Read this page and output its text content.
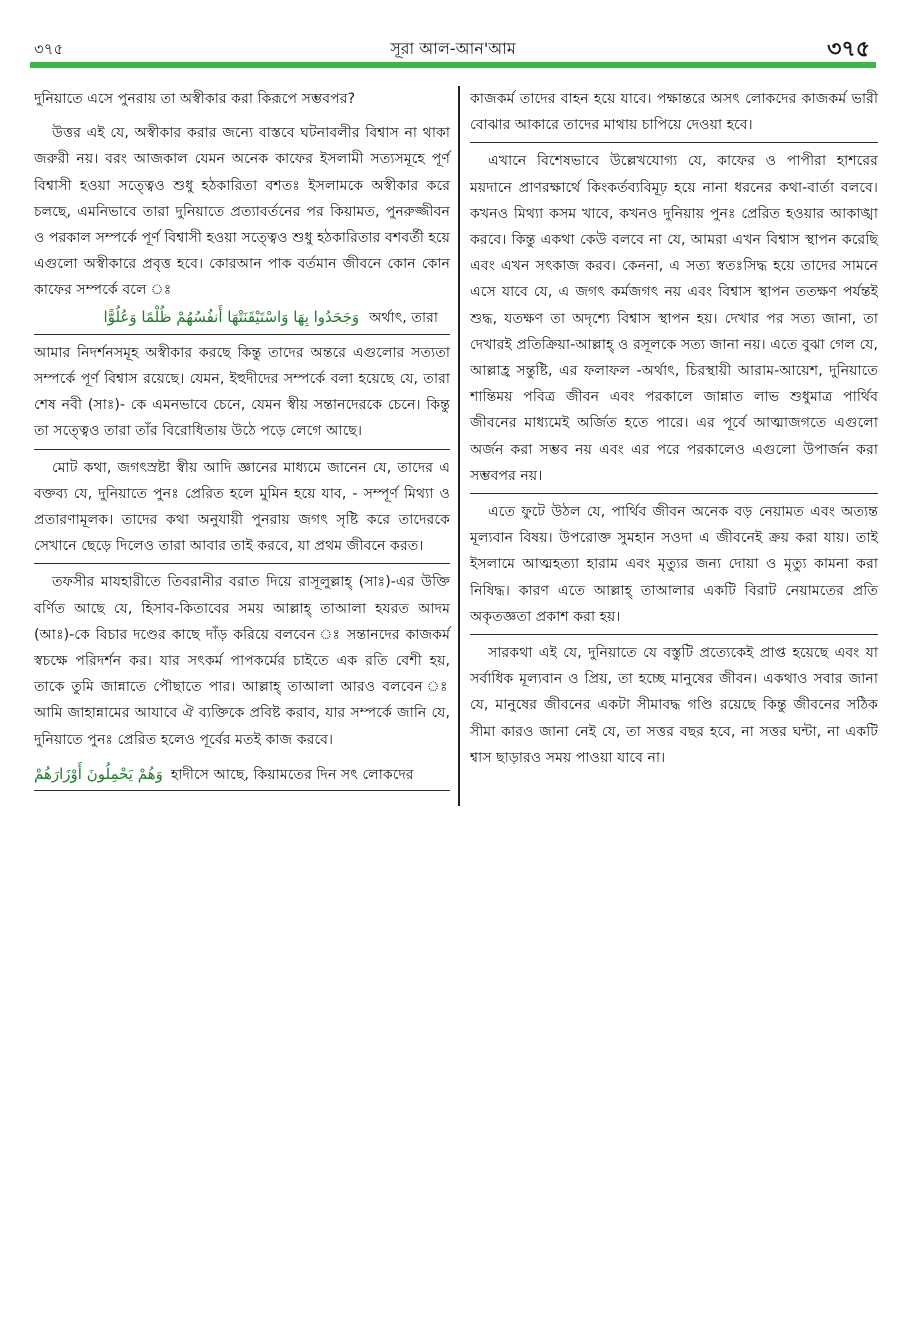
৩৭৫	সূরা আল-আন'আম	৩৭৫

দুনিয়াতে এসে পুনরায় তা অস্বীকার করা কিরূপে সম্ভবপর?

উত্তর এই যে, অস্বীকার করার জন্যে বাস্তবে ঘটনাবলীর বিশ্বাস না থাকা জরুরী নয়। বরং আজকাল যেমন অনেক কাফের ইসলামী সত্যসমূহে পূর্ণ বিশ্বাসী হওয়া সত্ত্বেও শুধু হঠকারিতা বশতঃ ইসলামকে অস্বীকার করে চলছে, এমনিভাবে তারা দুনিয়াতে প্রত্যাবর্তনের পর কিয়ামত, পুনরুজ্জীবন ও পরকাল সম্পর্কে পূর্ণ বিশ্বাসী হওয়া সত্ত্বেও শুধু হঠকারিতার বশবর্তী হয়ে এগুলো অস্বীকারে প্রবৃত্ত হবে। কোরআন পাক বর্তমান জীবনে কোন কোন কাফের সম্পর্কে বলে ঃ

وَجَحَدُوا بِهَا وَاسْتَيْقَنَتْهَا أَنفُسُهُمْ ظُلْمًا وَعُلُوًّا অর্থাৎ, তারা

আমার নিদর্শনসমূহ অস্বীকার করছে কিন্তু তাদের অন্তরে এগুলোর সত্যতা সম্পর্কে পূর্ণ বিশ্বাস রয়েছে। যেমন, ইহুদীদের সম্পর্কে বলা হয়েছে যে, তারা শেষ নবী (সাঃ)- কে এমনভাবে চেনে, যেমন স্বীয় সন্তানদেরকে চেনে। কিন্তু তা সত্ত্বেও তারা তাঁর বিরোধিতায় উঠে পড়ে লেগে আছে।

মোট কথা, জগৎস্রষ্টা স্বীয় আদি জ্ঞানের মাধ্যমে জানেন যে, তাদের এ বক্তব্য যে, দুনিয়াতে পুনঃ প্রেরিত হলে মুমিন হয়ে যাব, - সম্পূর্ণ মিথ্যা ও প্রতারণামূলক। তাদের কথা অনুযায়ী পুনরায় জগৎ সৃষ্টি করে তাদেরকে সেখানে ছেড়ে দিলেও তারা আবার তাই করবে, যা প্রথম জীবনে করত।

তফসীর মাযহারীতে তিবরানীর বরাত দিয়ে রাসূলুল্লাহ্ (সাঃ)-এর উক্তি বর্ণিত আছে যে, হিসাব-কিতাবের সময় আল্লাহ্ তাআলা হযরত আদম (আঃ)-কে বিচার দণ্ডের কাছে দাঁড় করিয়ে বলবেন ঃ সন্তানদের কাজকর্ম স্বচক্ষে পরিদর্শন কর। যার সৎকর্ম পাপকর্মের চাইতে এক রতি বেশী হয়, তাকে তুমি জান্নাতে পৌছাতে পার। আল্লাহ্ তাআলা আরও বলবেন ঃ আমি জাহান্নামের আযাবে ঐ ব্যক্তিকে প্রবিষ্ট করাব, যার সম্পর্কে জানি যে, দুনিয়াতে পুনঃ প্রেরিত হলেও পূর্বের মতই কাজ করবে।

وَهُمْ يَحْمِلُونَ أَوْزَارَهُمْ হাদীসে আছে, কিয়ামতের দিন সৎ লোকদের

কাজকর্ম তাদের বাহন হয়ে যাবে। পক্ষান্তরে অসৎ লোকদের কাজকর্ম ভারী বোঝার আকারে তাদের মাথায় চাপিয়ে দেওয়া হবে।

এখানে বিশেষভাবে উল্লেখযোগ্য যে, কাফের ও পাপীরা হাশরের ময়দানে প্রাণরক্ষার্থে কিংকর্তব্যবিমূঢ় হয়ে নানা ধরনের কথা-বার্তা বলবে। কখনও মিথ্যা কসম খাবে, কখনও দুনিয়ায় পুনঃ প্রেরিত হওয়ার আকাঙ্খা করবে। কিন্তু একথা কেউ বলবে না যে, আমরা এখন বিশ্বাস স্থাপন করেছি এবং এখন সৎকাজ করব। কেননা, এ সত্য স্বতঃসিদ্ধ হয়ে তাদের সামনে এসে যাবে যে, এ জগৎ কর্মজগৎ নয় এবং বিশ্বাস স্থাপন ততক্ষণ পর্যন্তই শুদ্ধ, যতক্ষণ তা অদৃশ্যে বিশ্বাস স্থাপন হয়। দেখার পর সত্য জানা, তা দেখারই প্রতিক্রিয়া-আল্লাহ্ ও রসূলকে সত্য জানা নয়। এতে বুঝা গেল যে, আল্লাহ্র সন্তুষ্টি, এর ফলাফল -অর্থাৎ, চিরস্থায়ী আরাম-আয়েশ, দুনিয়াতে শান্তিময় পবিত্র জীবন এবং পরকালে জান্নাত লাভ শুধুমাত্র পার্থিব জীবনের মাধ্যমেই অর্জিত হতে পারে। এর পূর্বে আত্মাজগতে এগুলো অর্জন করা সম্ভব নয় এবং এর পরে পরকালেও এগুলো উপার্জন করা সম্ভবপর নয়।

এতে ফুটে উঠল যে, পার্থিব জীবন অনেক বড় নেয়ামত এবং অত্যন্ত মূল্যবান বিষয়। উপরোক্ত সুমহান সওদা এ জীবনেই ক্রয় করা যায়। তাই ইসলামে আত্মহত্যা হারাম এবং মৃত্যুর জন্য দোয়া ও মৃত্যু কামনা করা নিষিদ্ধ। কারণ এতে আল্লাহ্ তাআলার একটি বিরাট নেয়ামতের প্রতি অকৃতজ্ঞতা প্রকাশ করা হয়।

সারকথা এই যে, দুনিয়াতে যে বস্তুটি প্রত্যেকেই প্রাপ্ত হয়েছে এবং যা সর্বাধিক মূল্যবান ও প্রিয়, তা হচ্ছে মানুষের জীবন। একথাও সবার জানা যে, মানুষের জীবনের একটা সীমাবদ্ধ গণ্ডি রয়েছে কিন্তু জীবনের সঠিক সীমা কারও জানা নেই যে, তা সত্তর বছর হবে, না সত্তর ঘন্টা, না একটি শ্বাস ছাড়ারও সময় পাওয়া যাবে না।
